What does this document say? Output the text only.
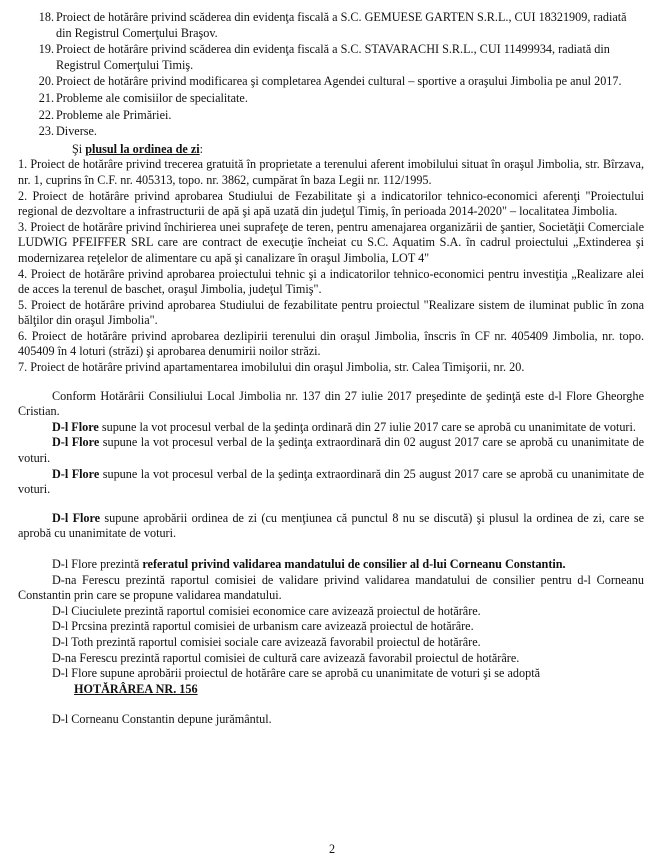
18. Proiect de hotărâre privind scăderea din evidenţa fiscală a S.C. GEMUESE GARTEN S.R.L., CUI 18321909, radiată din Registrul Comerţului Braşov.
19. Proiect de hotărâre privind scăderea din evidenţa fiscală a S.C. STAVARACHI S.R.L., CUI 11499934, radiată din Registrul Comerţului Timiş.
20. Proiect de hotărâre privind modificarea şi completarea Agendei cultural – sportive a oraşului Jimbolia pe anul 2017.
21. Probleme ale comisiilor de specialitate.
22. Probleme ale Primăriei.
23. Diverse.

Şi plusul la ordinea de zi:

1. Proiect de hotărâre privind trecerea gratuită în proprietate a terenului aferent imobilului situat în oraşul Jimbolia, str. Bîrzava, nr. 1, cuprins în C.F. nr. 405313, topo. nr. 3862, cumpărat în baza Legii nr. 112/1995.

2. Proiect de hotărâre privind aprobarea Studiului de Fezabilitate şi a indicatorilor tehnico-economici aferenţi "Proiectului regional de dezvoltare a infrastructurii de apă şi apă uzată din judeţul Timiş, în perioada 2014-2020" – localitatea Jimbolia.

3. Proiect de hotărâre privind închirierea unei suprafeţe de teren, pentru amenajarea organizării de şantier, Societăţii Comerciale LUDWIG PFEIFFER SRL care are contract de execuţie încheiat cu S.C. Aquatim S.A. în cadrul proiectului „Extinderea şi modernizarea reţelelor de alimentare cu apă şi canalizare în oraşul Jimbolia, LOT 4"

4. Proiect de hotărâre privind aprobarea proiectului tehnic şi a indicatorilor tehnico-economici pentru investiţia „Realizare alei de acces la terenul de baschet, oraşul Jimbolia, judeţul Timiş".

5. Proiect de hotărâre privind aprobarea Studiului de fezabilitate pentru proiectul "Realizare sistem de iluminat public în zona bălţilor din oraşul Jimbolia".

6. Proiect de hotărâre privind aprobarea dezlipirii terenului din oraşul Jimbolia, înscris în CF nr. 405409 Jimbolia, nr. topo. 405409 în 4 loturi (străzi) şi aprobarea denumirii noilor străzi.

7. Proiect de hotărâre privind apartamentarea imobilului din oraşul Jimbolia, str. Calea Timişorii, nr. 20.

Conform Hotărârii Consiliului Local Jimbolia nr. 137 din 27 iulie 2017 preşedinte de şedinţă este d-l Flore Gheorghe Cristian.

D-l Flore supune la vot procesul verbal de la şedinţa ordinară din 27 iulie 2017 care se aprobă cu unanimitate de voturi.

D-l Flore supune la vot procesul verbal de la şedinţa extraordinară din 02 august 2017 care se aprobă cu unanimitate de voturi.

D-l Flore supune la vot procesul verbal de la şedinţa extraordinară din 25 august 2017 care se aprobă cu unanimitate de voturi.

D-l Flore supune aprobării ordinea de zi (cu menţiunea că punctul 8 nu se discută) şi plusul la ordinea de zi, care se aprobă cu unanimitate de voturi.

D-l Flore prezintă referatul privind validarea mandatului de consilier al d-lui Corneanu Constantin.

D-na Ferescu prezintă raportul comisiei de validare privind validarea mandatului de consilier pentru d-l Corneanu Constantin prin care se propune validarea mandatului.

D-l Ciuciulete prezintă raportul comisiei economice care avizează proiectul de hotărâre.

D-l Prcsina prezintă raportul comisiei de urbanism care avizează proiectul de hotărâre.

D-l Toth prezintă raportul comisiei sociale care avizează favorabil proiectul de hotărâre.

D-na Ferescu prezintă raportul comisiei de cultură care avizează favorabil proiectul de hotărâre.

D-l Flore supune aprobării proiectul de hotărâre care se aprobă cu unanimitate de voturi şi se adoptă

HOTĂRÂREA NR. 156

D-l Corneanu Constantin depune jurământul.

2
